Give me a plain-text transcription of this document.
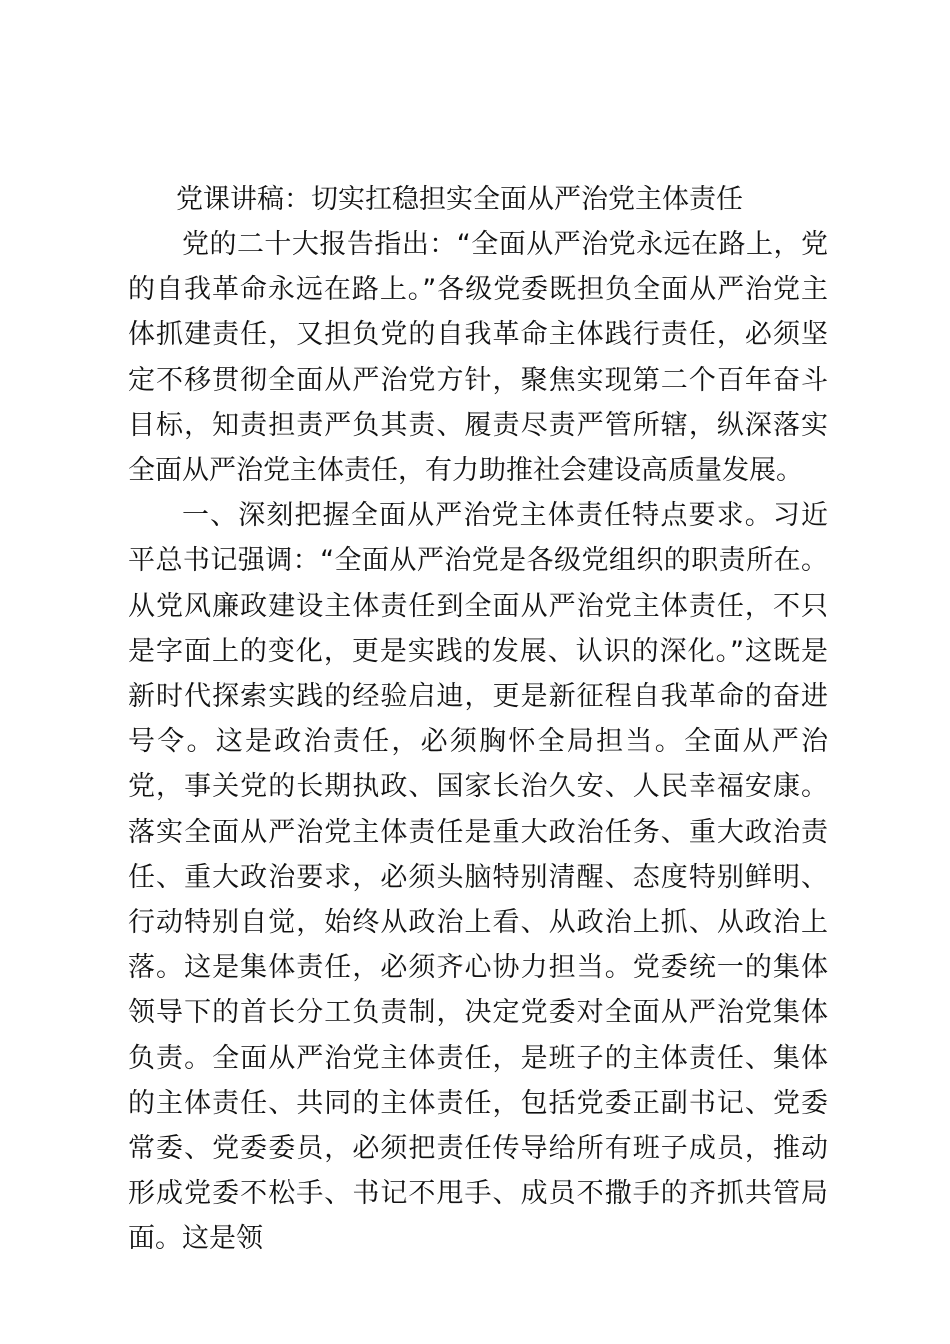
党课讲稿：切实扛稳担实全面从严治党主体责任

党的二十大报告指出：“全面从严治党永远在路上，党的自我革命永远在路上。”各级党委既担负全面从严治党主体抓建责任，又担负党的自我革命主体践行责任，必须坚定不移贯彻全面从严治党方针，聚焦实现第二个百年奋斗目标，知责担责严负其责、履责尽责严管所辖，纵深落实全面从严治党主体责任，有力助推社会建设高质量发展。

一、深刻把握全面从严治党主体责任特点要求。习近平总书记强调：“全面从严治党是各级党组织的职责所在。从党风廉政建设主体责任到全面从严治党主体责任，不只是字面上的变化，更是实践的发展、认识的深化。”这既是新时代探索实践的经验启迪，更是新征程自我革命的奋进号令。这是政治责任，必须胸怀全局担当。全面从严治党，事关党的长期执政、国家长治久安、人民幸福安康。落实全面从严治党主体责任是重大政治任务、重大政治责任、重大政治要求，必须头脑特别清醒、态度特别鲜明、行动特别自觉，始终从政治上看、从政治上抓、从政治上落。这是集体责任，必须齐心协力担当。党委统一的集体领导下的首长分工负责制，决定党委对全面从严治党集体负责。全面从严治党主体责任，是班子的主体责任、集体的主体责任、共同的主体责任，包括党委正副书记、党委常委、党委委员，必须把责任传导给所有班子成员，推动形成党委不松手、书记不甩手、成员不撒手的齐抓共管局面。这是领
